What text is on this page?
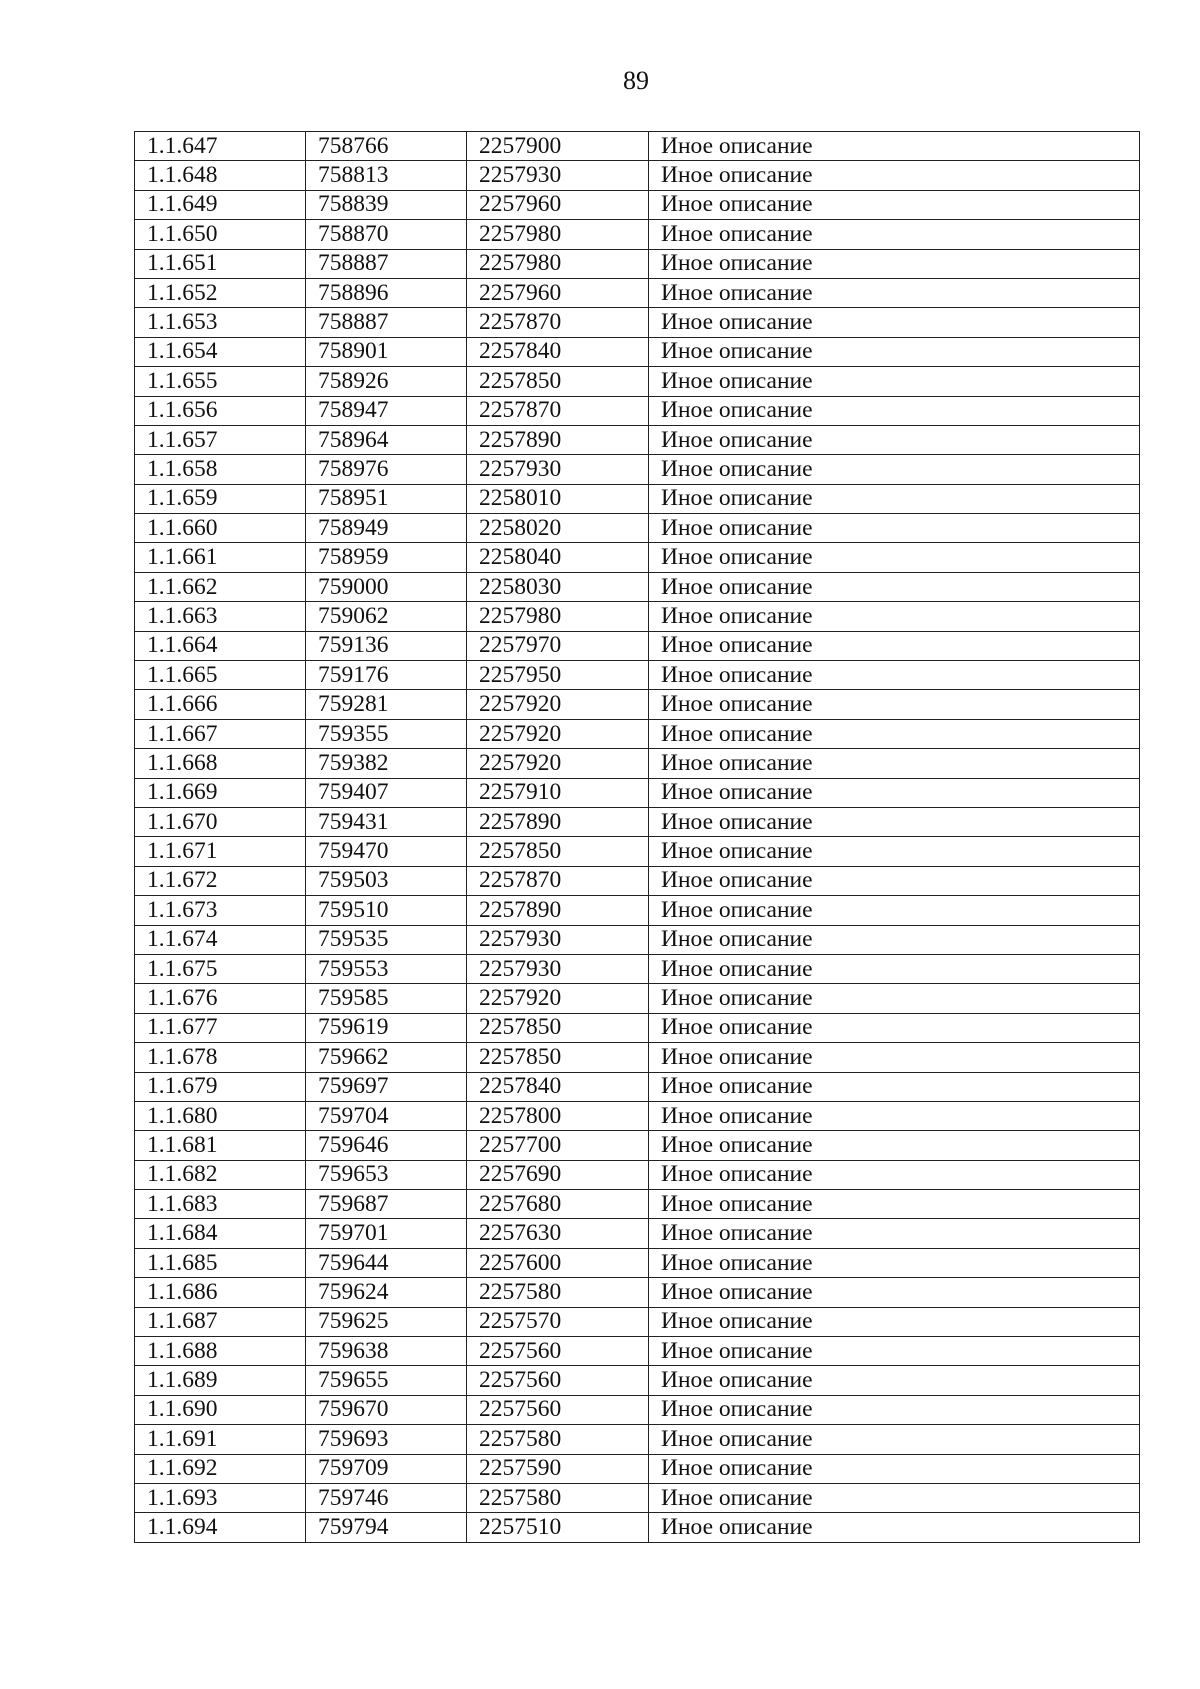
89
1.1.647	758766	2257900	Иное описание
1.1.648	758813	2257930	Иное описание
1.1.649	758839	2257960	Иное описание
1.1.650	758870	2257980	Иное описание
1.1.651	758887	2257980	Иное описание
1.1.652	758896	2257960	Иное описание
1.1.653	758887	2257870	Иное описание
1.1.654	758901	2257840	Иное описание
1.1.655	758926	2257850	Иное описание
1.1.656	758947	2257870	Иное описание
1.1.657	758964	2257890	Иное описание
1.1.658	758976	2257930	Иное описание
1.1.659	758951	2258010	Иное описание
1.1.660	758949	2258020	Иное описание
1.1.661	758959	2258040	Иное описание
1.1.662	759000	2258030	Иное описание
1.1.663	759062	2257980	Иное описание
1.1.664	759136	2257970	Иное описание
1.1.665	759176	2257950	Иное описание
1.1.666	759281	2257920	Иное описание
1.1.667	759355	2257920	Иное описание
1.1.668	759382	2257920	Иное описание
1.1.669	759407	2257910	Иное описание
1.1.670	759431	2257890	Иное описание
1.1.671	759470	2257850	Иное описание
1.1.672	759503	2257870	Иное описание
1.1.673	759510	2257890	Иное описание
1.1.674	759535	2257930	Иное описание
1.1.675	759553	2257930	Иное описание
1.1.676	759585	2257920	Иное описание
1.1.677	759619	2257850	Иное описание
1.1.678	759662	2257850	Иное описание
1.1.679	759697	2257840	Иное описание
1.1.680	759704	2257800	Иное описание
1.1.681	759646	2257700	Иное описание
1.1.682	759653	2257690	Иное описание
1.1.683	759687	2257680	Иное описание
1.1.684	759701	2257630	Иное описание
1.1.685	759644	2257600	Иное описание
1.1.686	759624	2257580	Иное описание
1.1.687	759625	2257570	Иное описание
1.1.688	759638	2257560	Иное описание
1.1.689	759655	2257560	Иное описание
1.1.690	759670	2257560	Иное описание
1.1.691	759693	2257580	Иное описание
1.1.692	759709	2257590	Иное описание
1.1.693	759746	2257580	Иное описание
1.1.694	759794	2257510	Иное описание
